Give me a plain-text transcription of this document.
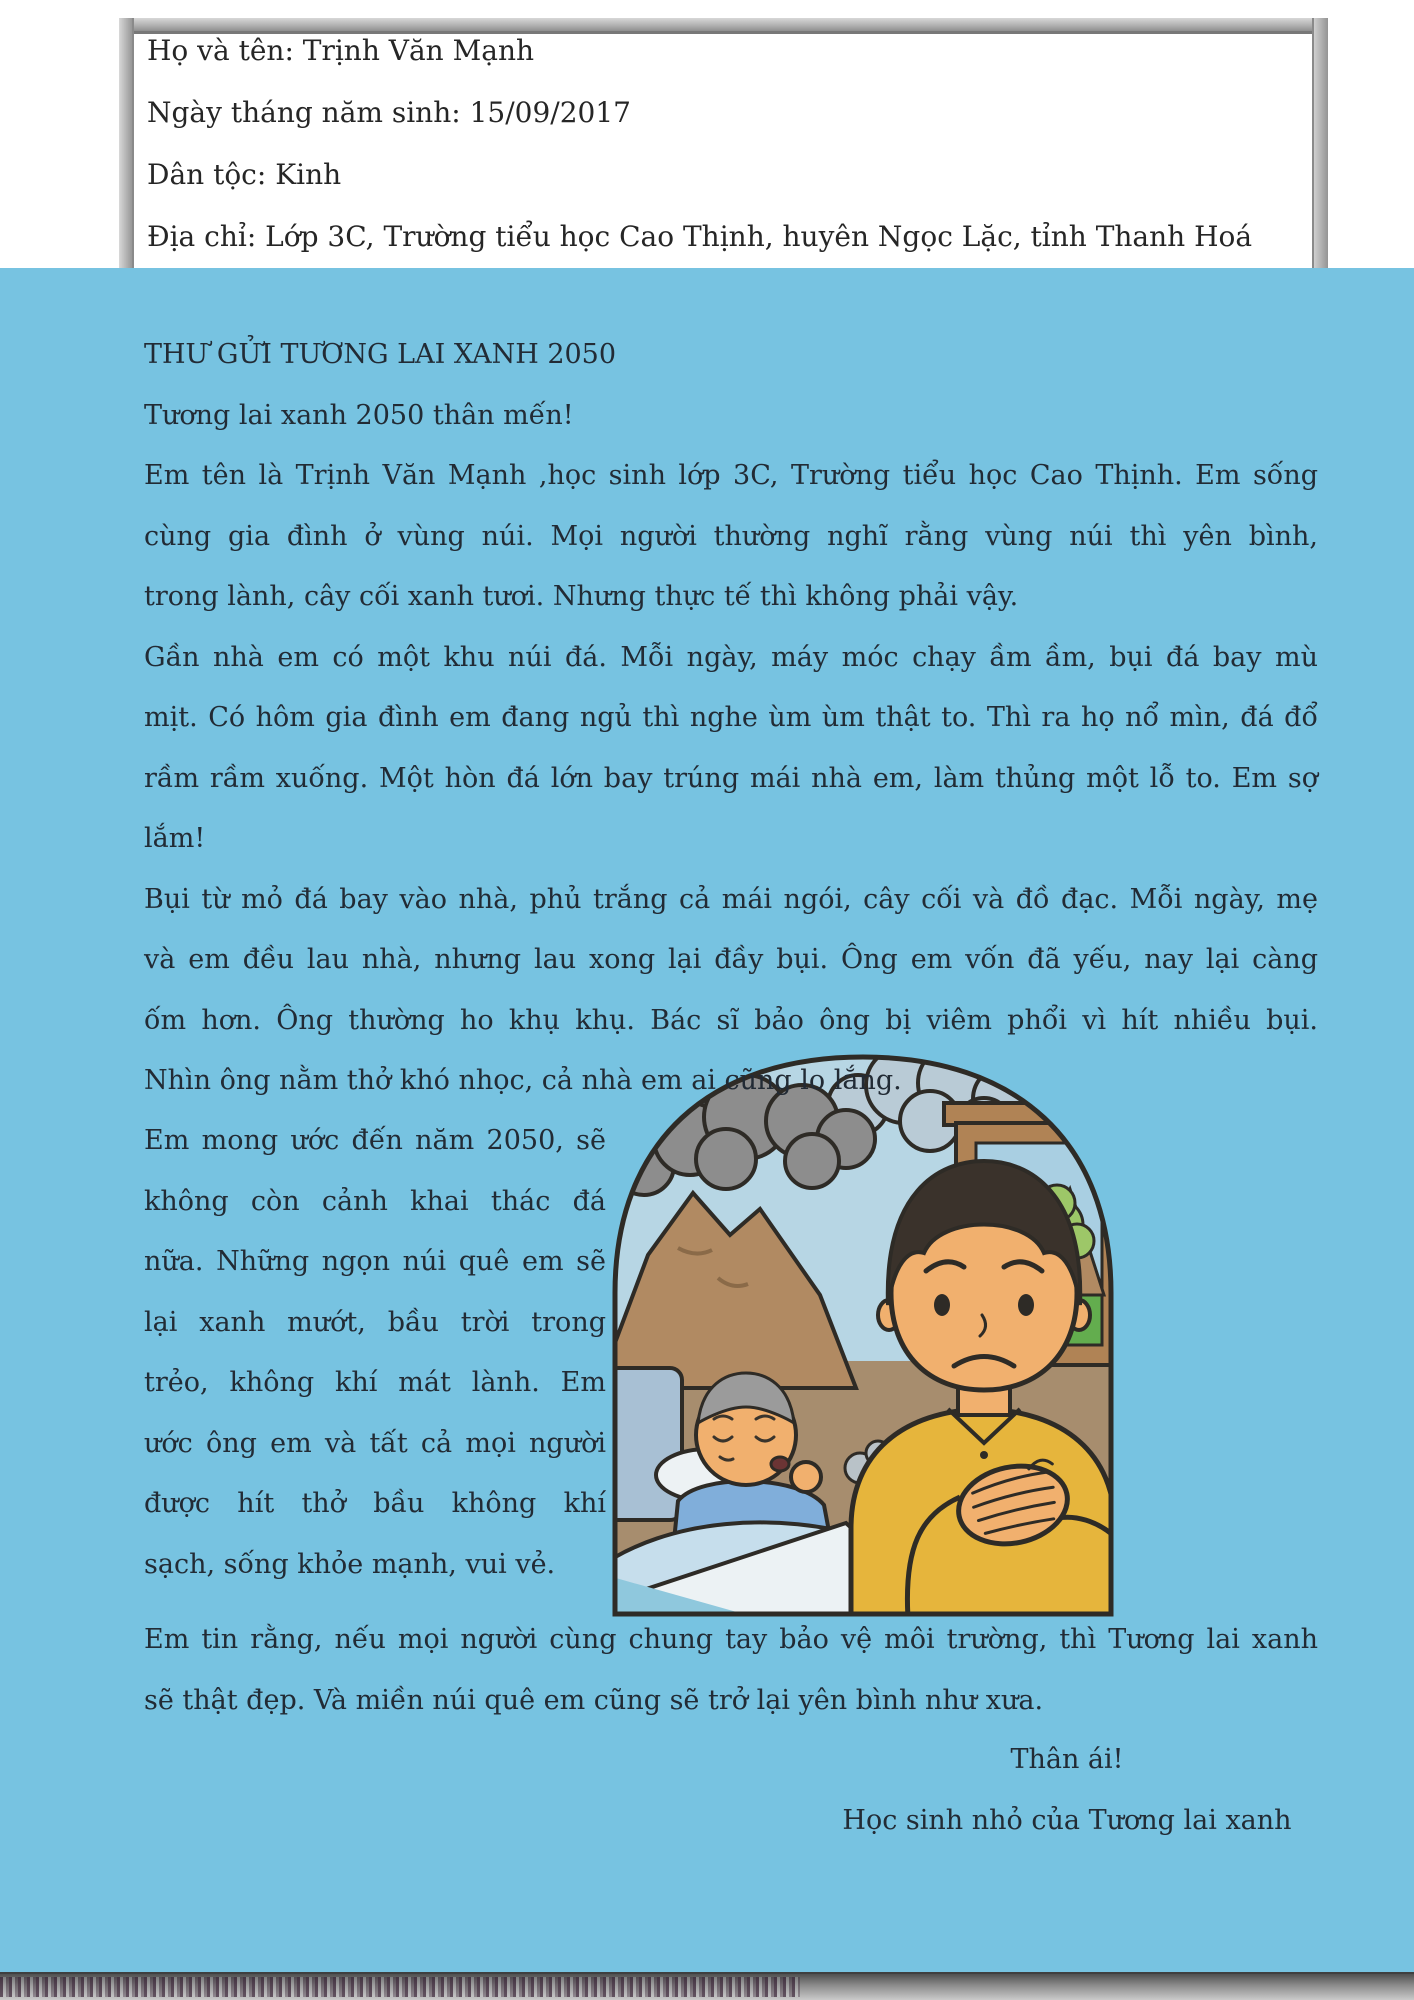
Họ và tên: Trịnh Văn Mạnh
Ngày tháng năm sinh: 15/09/2017
Dân tộc: Kinh
Địa chỉ: Lớp 3C, Trường tiểu học Cao Thịnh, huyên Ngọc Lặc, tỉnh Thanh Hoá
THƯ GỬI TƯƠNG LAI XANH 2050
Tương lai xanh 2050 thân mến!
Em tên là Trịnh Văn Mạnh ,học sinh lớp 3C, Trường tiểu học Cao Thịnh. Em sống
cùng gia đình ở vùng núi. Mọi người thường nghĩ rằng vùng núi thì yên bình,
trong lành, cây cối xanh tươi. Nhưng thực tế thì không phải vậy.
Gần nhà em có một khu núi đá. Mỗi ngày, máy móc chạy ầm ầm, bụi đá bay mù
mịt. Có hôm gia đình em đang ngủ thì nghe ùm ùm thật to. Thì ra họ nổ mìn, đá đổ
rầm rầm xuống. Một hòn đá lớn bay trúng mái nhà em, làm thủng một lỗ to. Em sợ
lắm!
Bụi từ mỏ đá bay vào nhà, phủ trắng cả mái ngói, cây cối và đồ đạc. Mỗi ngày, mẹ
và em đều lau nhà, nhưng lau xong lại đầy bụi. Ông em vốn đã yếu, nay lại càng
ốm hơn. Ông thường ho khụ khụ. Bác sĩ bảo ông bị viêm phổi vì hít nhiều bụi.
Nhìn ông nằm thở khó nhọc, cả nhà em ai cũng lo lắng.
Em mong ước đến năm 2050, sẽ
không còn cảnh khai thác đá
nữa. Những ngọn núi quê em sẽ
lại xanh mướt, bầu trời trong
trẻo, không khí mát lành. Em
ước ông em và tất cả mọi người
được hít thở bầu không khí
sạch, sống khỏe mạnh, vui vẻ.
Em tin rằng, nếu mọi người cùng chung tay bảo vệ môi trường, thì Tương lai xanh
sẽ thật đẹp. Và miền núi quê em cũng sẽ trở lại yên bình như xưa.
Thân ái!
Học sinh nhỏ của Tương lai xanh
